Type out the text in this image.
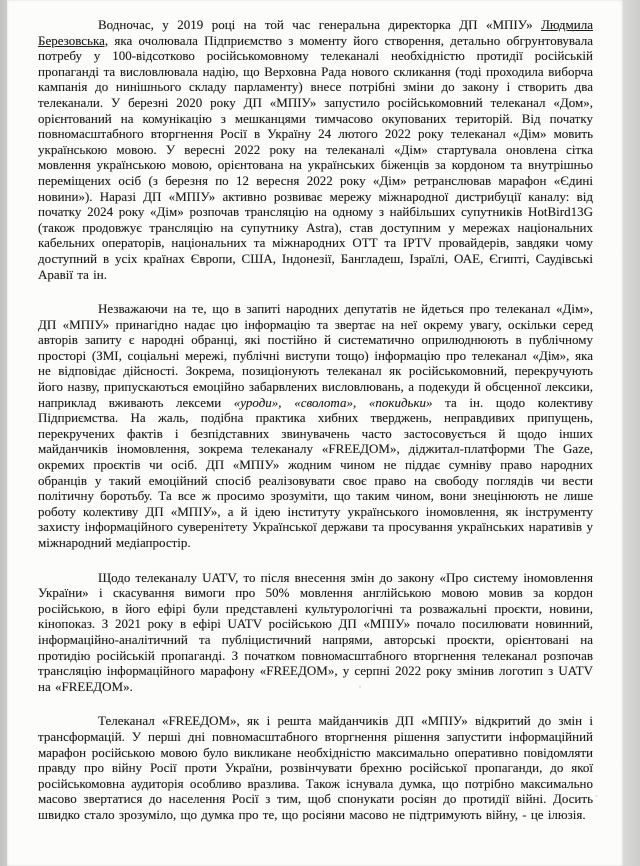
Водночас, у 2019 році на той час генеральна директорка ДП «МПІУ» Людмила Березовська, яка очолювала Підприємство з моменту його створення, детально обгрунтовувала потребу у 100-відсотково російськомовному телеканалі необхідністю протидії російській пропаганді та висловлювала надію, що Верховна Рада нового скликання (тоді проходила виборча кампанія до нинішнього складу парламенту) внесе потрібні зміни до закону і створить два телеканали. У березні 2020 року ДП «МПІУ» запустило російськомовний телеканал «Дом», орієнтований на комунікацію з мешканцями тимчасово окупованих територій. Від початку повномасштабного вторгнення Росії в Україну 24 лютого 2022 року телеканал «Дім» мовить українською мовою. У вересні 2022 року на телеканалі «Дім» стартувала оновлена сітка мовлення українською мовою, орієнтована на українських біженців за кордоном та внутрішньо переміщених осіб (з березня по 12 вересня 2022 року «Дім» ретранслював марафон «Єдині новини»). Наразі ДП «МПІУ» активно розвиває мережу міжнародної дистрибуції каналу: від початку 2024 року «Дім» розпочав трансляцію на одному з найбільших супутників HotBird13G (також продовжує трансляцію на супутнику Astra), став доступним у мережах національних кабельних операторів, національних та міжнародних ОТТ та IPTV провайдерів, завдяки чому доступний в усіх країнах Європи, США, Індонезії, Бангладеш, Ізраїлі, ОАЕ, Єгипті, Саудівські Аравії та ін.

Незважаючи на те, що в запиті народних депутатів не йдеться про телеканал «Дім», ДП «МПІУ» принагідно надає цю інформацію та звертає на неї окрему увагу, оскільки серед авторів запиту є народні обранці, які постійно й систематично оприлюднюють в публічному просторі (ЗМІ, соціальні мережі, публічні виступи тощо) інформацію про телеканал «Дім», яка не відповідає дійсності. Зокрема, позиціонують телеканал як російськомовний, перекручують його назву, припускаються емоційно забарвлених висловлювань, а подекуди й обсценної лексики, наприклад вживають лексеми «уроди», «сволота», «покидьки» та ін. щодо колективу Підприємства. На жаль, подібна практика хибних тверджень, неправдивих припущень, перекручених фактів і безпідставних звинувачень часто застосовується й щодо інших майданчиків іномовлення, зокрема телеканалу «FREEДОМ», діджитал-платформи The Gaze, окремих проєктів чи осіб. ДП «МПІУ» жодним чином не піддає сумніву право народних обранців у такий емоційний спосіб реалізовувати своє право на свободу поглядів чи вести політичну боротьбу. Та все ж просимо зрозуміти, що таким чином, вони знецінюють не лише роботу колективу ДП «МПІУ», а й ідею інституту українського іномовлення, як інструменту захисту інформаційного суверенітету Української держави та просування українських наративів у міжнародний медіапростір.

Щодо телеканалу UATV, то після внесення змін до закону «Про систему іномовлення України» і скасування вимоги про 50% мовлення англійською мовою мовив за кордон російською, в його ефірі були представлені культурологічні та розважальні проєкти, новини, кінопоказ. З 2021 року в ефірі UATV російською ДП «МПІУ» почало посилювати новинний, інформаційно-аналітичний та публіцистичний напрями, авторські проєкти, орієнтовані на протидію російській пропаганді. З початком повномасштабного вторгнення телеканал розпочав трансляцію інформаційного марафону «FREEДОМ», у серпні 2022 року змінив логотип з UATV на «FREEДОМ».

Телеканал «FREEДОМ», як і решта майданчиків ДП «МПІУ» відкритий до змін і трансформацій. У перші дні повномасштабного вторгнення рішення запустити інформаційний марафон російською мовою було викликане необхідністю максимально оперативно повідомляти правду про війну Росії проти України, розвінчувати брехню російської пропаганди, до якої російськомовна аудиторія особливо вразлива. Також існувала думка, що потрібно максимально масово звертатися до населення Росії з тим, щоб спонукати росіян до протидії війні. Досить швидко стало зрозуміло, що думка про те, що росіяни масово не підтримують війну, - це ілюзія.
